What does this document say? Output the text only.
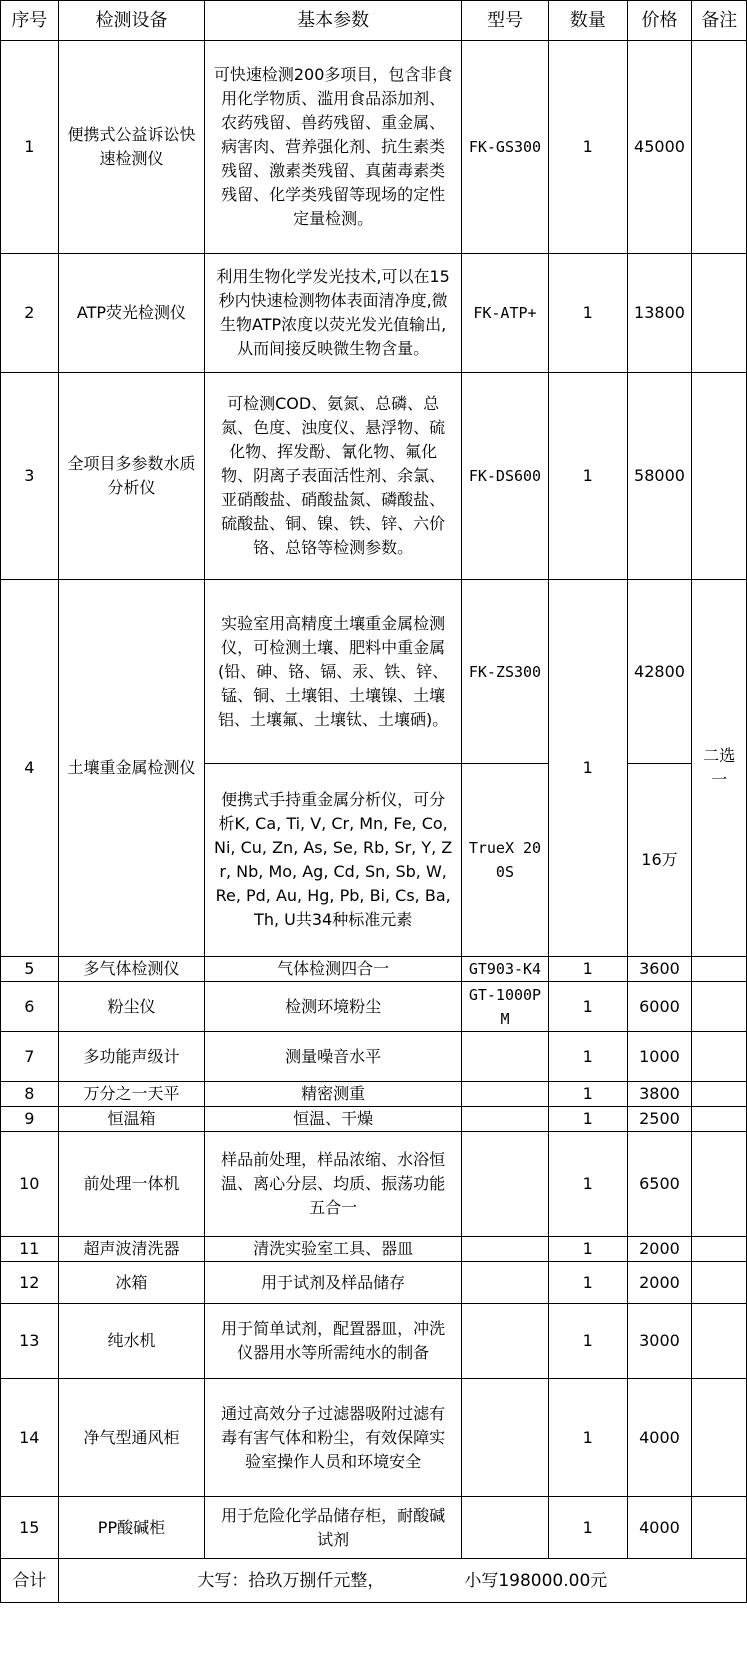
序号	检测设备	基本参数	型号	数量	价格	备注
1	便携式公益诉讼快速检测仪	可快速检测200多项目，包含非食用化学物质、滥用食品添加剂、农药残留、兽药残留、重金属、病害肉、营养强化剂、抗生素类残留、激素类残留、真菌毒素类残留、化学类残留等现场的定性定量检测。	FK-GS300	1	45000	
2	ATP荧光检测仪	利用生物化学发光技术,可以在15秒内快速检测物体表面清净度,微生物ATP浓度以荧光发光值输出,从而间接反映微生物含量。	FK-ATP+	1	13800	
3	全项目多参数水质分析仪	可检测COD、氨氮、总磷、总氮、色度、浊度仪、悬浮物、硫化物、挥发酚、氰化物、氟化物、阴离子表面活性剂、余氯、亚硝酸盐、硝酸盐氮、磷酸盐、硫酸盐、铜、镍、铁、锌、六价铬、总铬等检测参数。	FK-DS600	1	58000	
4	土壤重金属检测仪	实验室用高精度土壤重金属检测仪，可检测土壤、肥料中重金属(铅、砷、铬、镉、汞、铁、锌、锰、铜、土壤钼、土壤镍、土壤铝、土壤氟、土壤钛、土壤硒)。	FK-ZS300	1	42800	二选一
		便携式手持重金属分析仪，可分析K, Ca, Ti, V, Cr, Mn, Fe, Co, Ni, Cu, Zn, As, Se, Rb, Sr, Y, Zr, Nb, Mo, Ag, Cd, Sn, Sb, W, Re, Pd, Au, Hg, Pb, Bi, Cs, Ba, Th, U共34种标准元素	TrueX 200S		16万	
5	多气体检测仪	气体检测四合一	GT903-K4	1	3600	
6	粉尘仪	检测环境粉尘	GT-1000PM	1	6000	
7	多功能声级计	测量噪音水平		1	1000	
8	万分之一天平	精密测重		1	3800	
9	恒温箱	恒温、干燥		1	2500	
10	前处理一体机	样品前处理，样品浓缩、水浴恒温、离心分层、均质、振荡功能五合一		1	6500	
11	超声波清洗器	清洗实验室工具、器皿		1	2000	
12	冰箱	用于试剂及样品储存		1	2000	
13	纯水机	用于简单试剂，配置器皿，冲洗仪器用水等所需纯水的制备		1	3000	
14	净气型通风柜	通过高效分子过滤器吸附过滤有毒有害气体和粉尘，有效保障实验室操作人员和环境安全		1	4000	
15	PP酸碱柜	用于危险化学品储存柜，耐酸碱试剂		1	4000	
合计	大写：拾玖万捌仟元整， 小写198000.00元					
